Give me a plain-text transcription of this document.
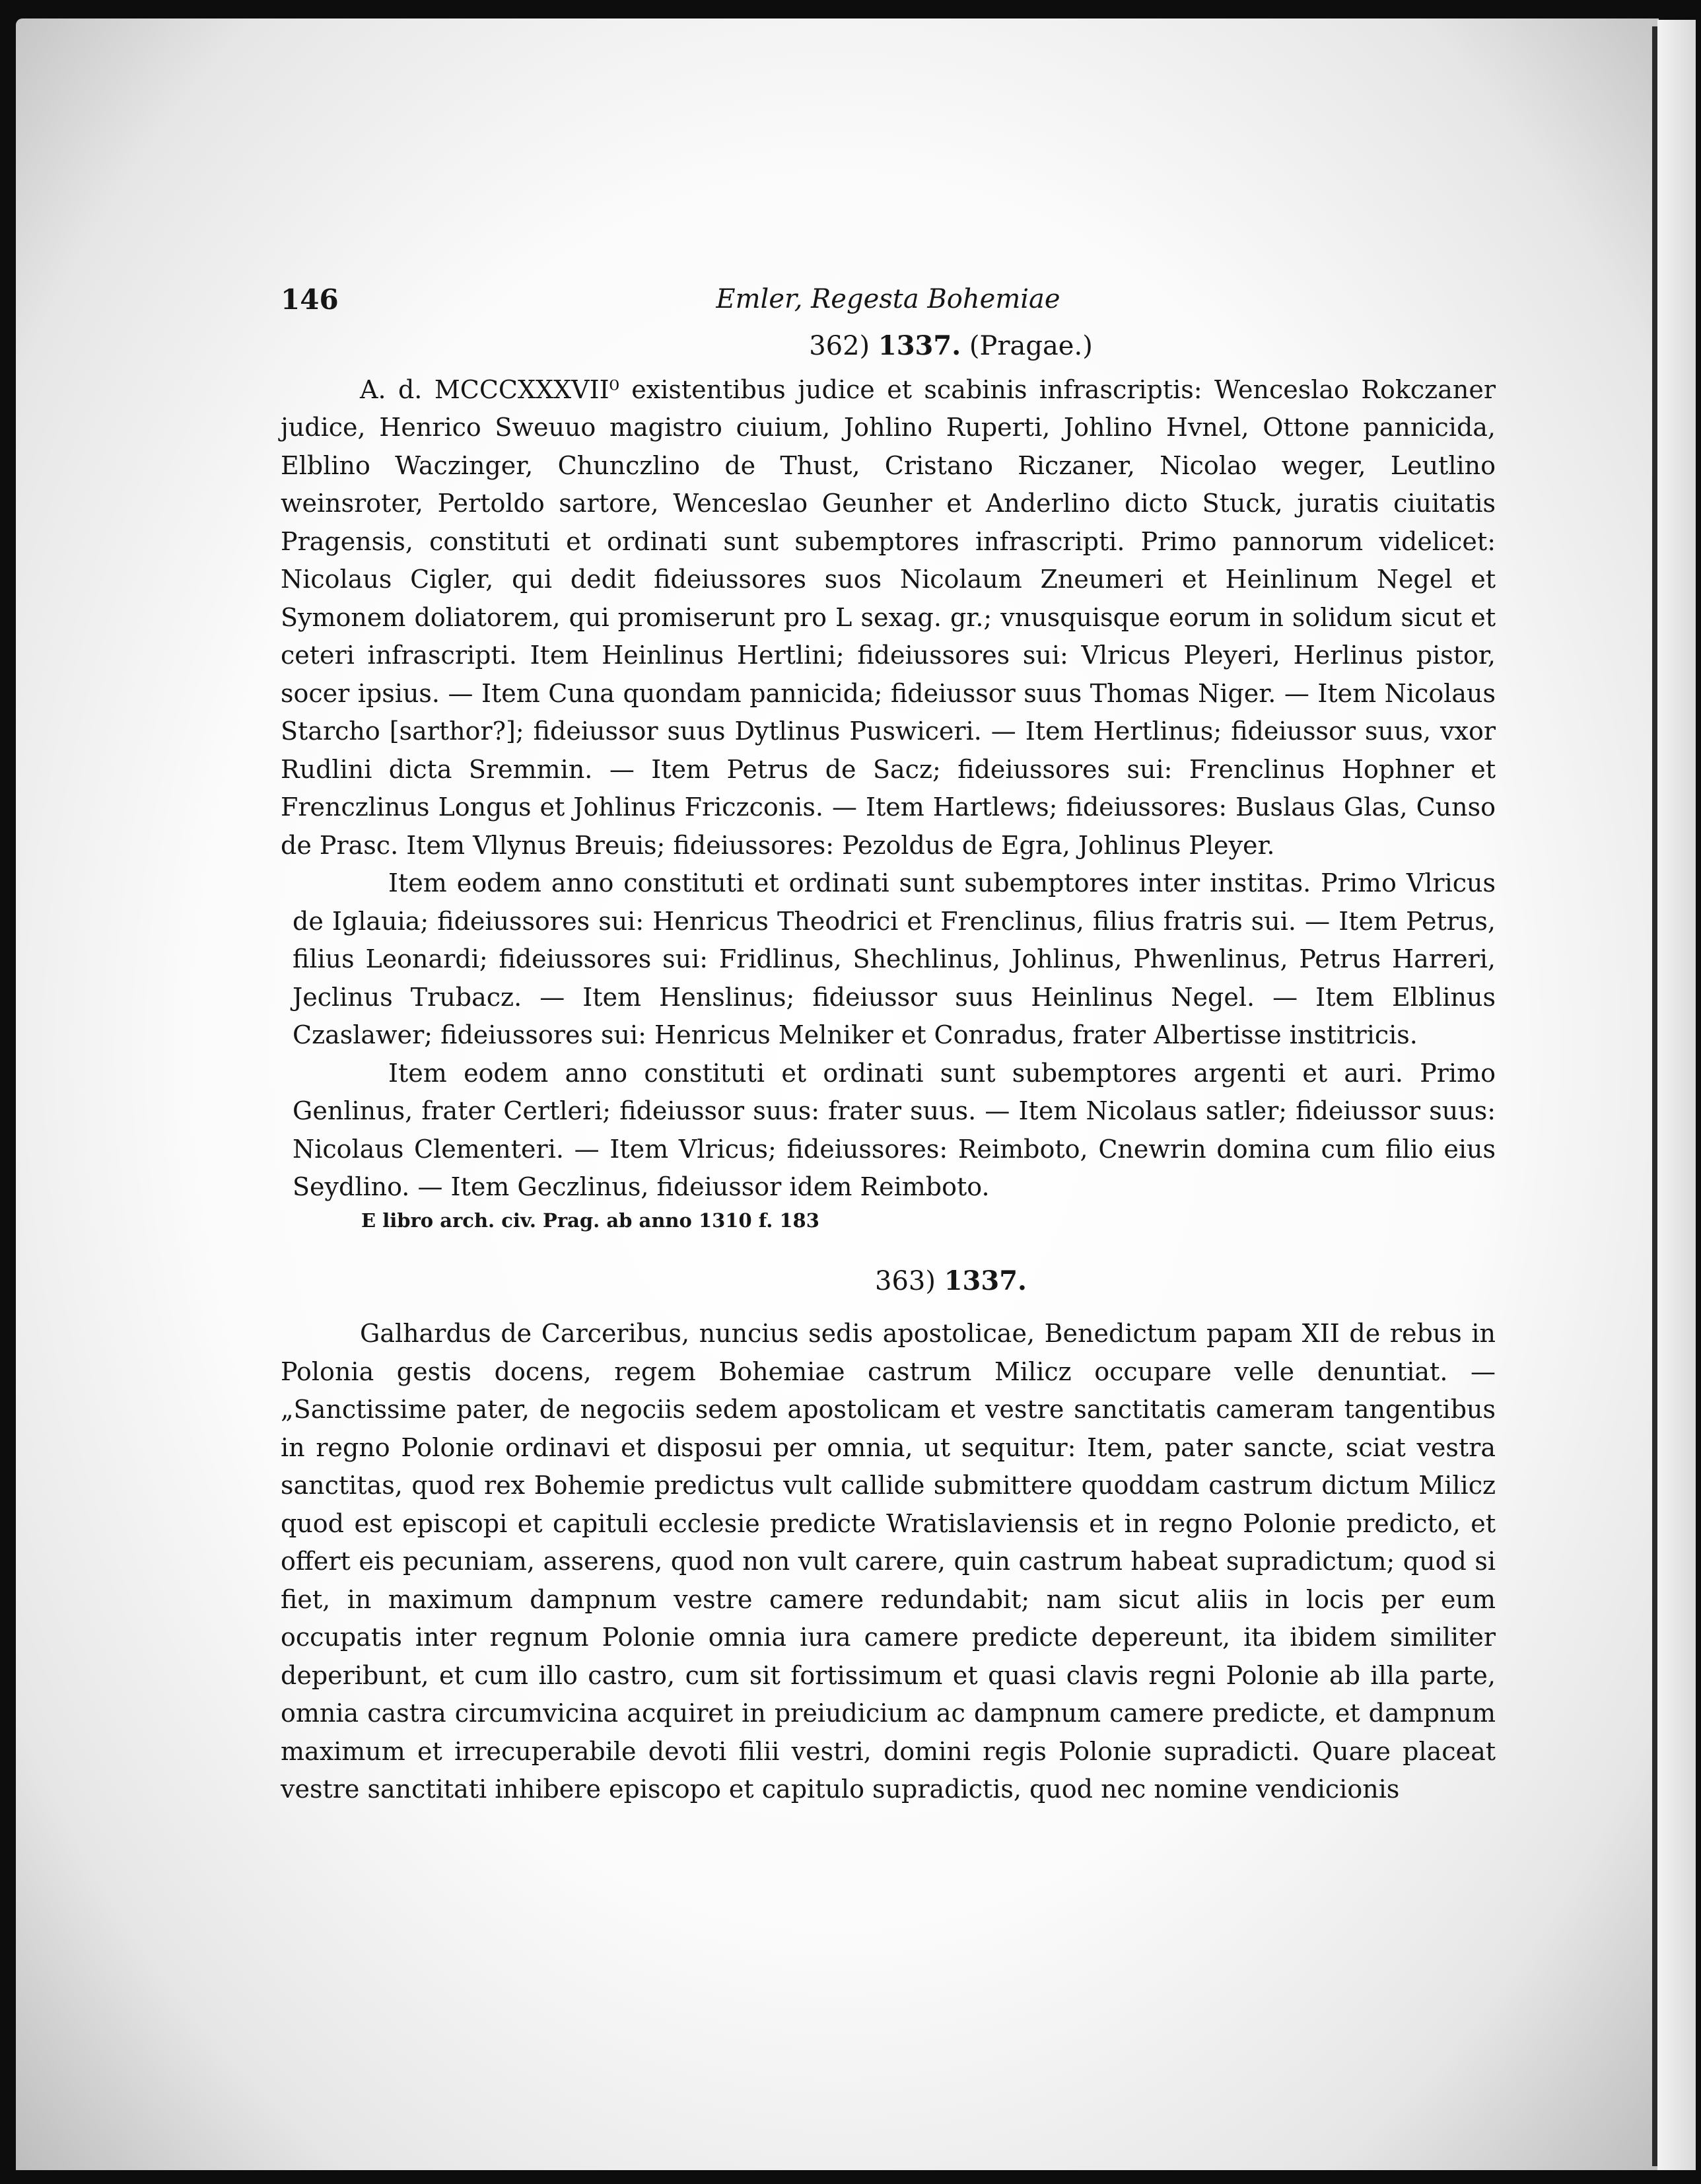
146	Emler, Regesta Bohemiae

362) 1337. (Pragae.)

A. d. MCCCXXXVII⁰ existentibus judice et scabinis infrascriptis: Wenceslao Rokczaner judice, Henrico Sweuuo magistro ciuium, Johlino Ruperti, Johlino Hvnel, Ottone pannicida, Elblino Waczinger, Chunczlino de Thust, Cristano Riczaner, Nicolao weger, Leutlino weinsroter, Pertoldo sartore, Wenceslao Geunher et Anderlino dicto Stuck, juratis ciuitatis Pragensis, constituti et ordinati sunt subemptores infrascripti. Primo pannorum videlicet: Nicolaus Cigler, qui dedit fideiussores suos Nicolaum Zneumeri et Heinlinum Negel et Symonem doliatorem, qui promiserunt pro L sexag. gr.; vnusquisque eorum in solidum sicut et ceteri infrascripti. Item Heinlinus Hertlini; fideiussores sui: Vlricus Pleyeri, Herlinus pistor, socer ipsius. — Item Cuna quondam pannicida; fideiussor suus Thomas Niger. — Item Nicolaus Starcho [sarthor?]; fideiussor suus Dytlinus Puswiceri. — Item Hertlinus; fideiussor suus, vxor Rudlini dicta Sremmin. — Item Petrus de Sacz; fideiussores sui: Frenclinus Hophner et Frenczlinus Longus et Johlinus Friczconis. — Item Hartlews; fideiussores: Buslaus Glas, Cunso de Prasc. Item Vllynus Breuis; fideiussores: Pezoldus de Egra, Johlinus Pleyer.

Item eodem anno constituti et ordinati sunt subemptores inter institas. Primo Vlricus de Iglauia; fideiussores sui: Henricus Theodrici et Frenclinus, filius fratris sui. — Item Petrus, filius Leonardi; fideiussores sui: Fridlinus, Shechlinus, Johlinus, Phwenlinus, Petrus Harreri, Jeclinus Trubacz. — Item Henslinus; fideiussor suus Heinlinus Negel. — Item Elblinus Czaslawer; fideiussores sui: Henricus Melniker et Conradus, frater Albertisse institricis.

Item eodem anno constituti et ordinati sunt subemptores argenti et auri. Primo Genlinus, frater Certleri; fideiussor suus: frater suus. — Item Nicolaus satler; fideiussor suus: Nicolaus Clementeri. — Item Vlricus; fideiussores: Reimboto, Cnewrin domina cum filio eius Seydlino. — Item Geczlinus, fideiussor idem Reimboto.

E libro arch. civ. Prag. ab anno 1310 f. 183

363) 1337.

Galhardus de Carceribus, nuncius sedis apostolicae, Benedictum papam XII de rebus in Polonia gestis docens, regem Bohemiae castrum Milicz occupare velle denuntiat. — „Sanctissime pater, de negociis sedem apostolicam et vestre sanctitatis cameram tangentibus in regno Polonie ordinavi et disposui per omnia, ut sequitur: Item, pater sancte, sciat vestra sanctitas, quod rex Bohemie predictus vult callide submittere quoddam castrum dictum Milicz quod est episcopi et capituli ecclesie predicte Wratislaviensis et in regno Polonie predicto, et offert eis pecuniam, asserens, quod non vult carere, quin castrum habeat supradictum; quod si fiet, in maximum dampnum vestre camere redundabit; nam sicut aliis in locis per eum occupatis inter regnum Polonie omnia iura camere predicte depereunt, ita ibidem similiter deperibunt, et cum illo castro, cum sit fortissimum et quasi clavis regni Polonie ab illa parte, omnia castra circumvicina acquiret in preiudicium ac dampnum camere predicte, et dampnum maximum et irrecuperabile devoti filii vestri, domini regis Polonie supradicti. Quare placeat vestre sanctitati inhibere episcopo et capitulo supradictis, quod nec nomine vendicionis
